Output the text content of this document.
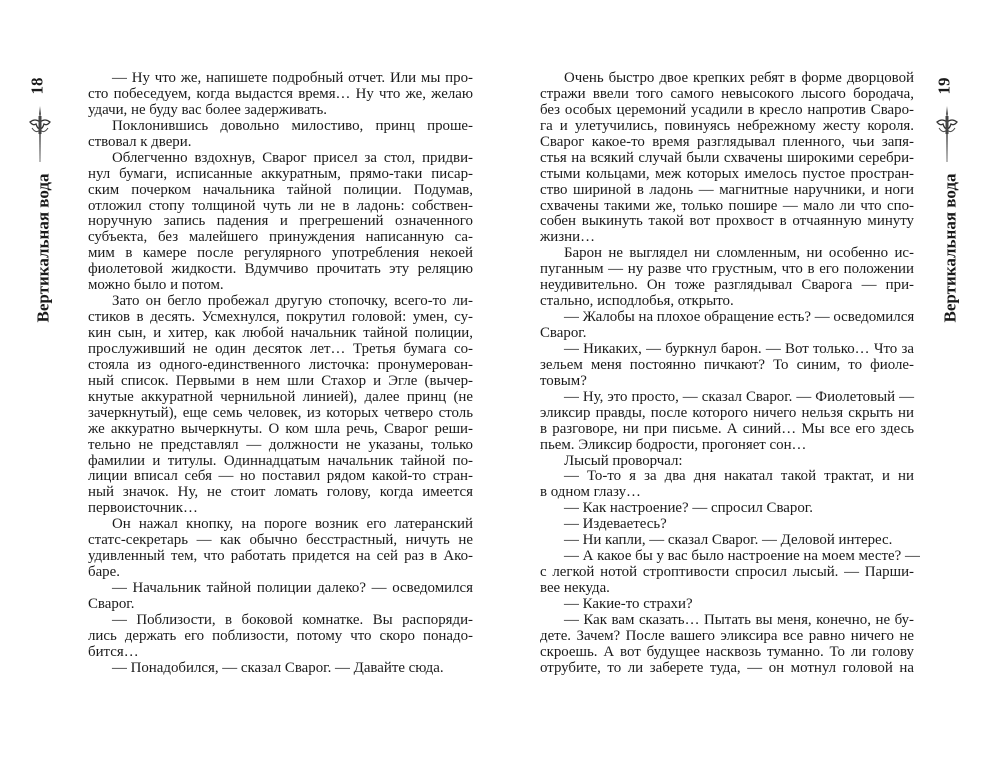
18
Вертикальная вода
19
Вертикальная вода
— Ну что же, напишете подробный отчет. Или мы про-
сто побеседуем, когда выдастся время… Ну что же, желаю
удачи, не буду вас более задерживать.
Поклонившись довольно милостиво, принц проше-
ствовал к двери.
Облегченно вздохнув, Сварог присел за стол, придви-
нул бумаги, исписанные аккуратным, прямо-таки писар-
ским почерком начальника тайной полиции. Подумав,
отложил стопу толщиной чуть ли не в ладонь: собствен-
норучную запись падения и прегрешений означенного
субъекта, без малейшего принуждения написанную са-
мим в камере после регулярного употребления некоей
фиолетовой жидкости. Вдумчиво прочитать эту реляцию
можно было и потом.
Зато он бегло пробежал другую стопочку, всего-то ли-
стиков в десять. Усмехнулся, покрутил головой: умен, су-
кин сын, и хитер, как любой начальник тайной полиции,
прослуживший не один десяток лет… Третья бумага со-
стояла из одного-единственного листочка: пронумерован-
ный список. Первыми в нем шли Стахор и Эгле (вычер-
кнутые аккуратной чернильной линией), далее принц (не
зачеркнутый), еще семь человек, из которых четверо столь
же аккуратно вычеркнуты. О ком шла речь, Сварог реши-
тельно не представлял — должности не указаны, только
фамилии и титулы. Одиннадцатым начальник тайной по-
лиции вписал себя — но поставил рядом какой-то стран-
ный значок. Ну, не стоит ломать голову, когда имеется
первоисточник…
Он нажал кнопку, на пороге возник его латеранский
статс-секретарь — как обычно бесстрастный, ничуть не
удивленный тем, что работать придется на сей раз в Ако-
баре.
— Начальник тайной полиции далеко? — осведомился
Сварог.
— Поблизости, в боковой комнатке. Вы распоряди-
лись держать его поблизости, потому что скоро понадо-
бится…
— Понадобился, — сказал Сварог. — Давайте сюда.
Очень быстро двое крепких ребят в форме дворцовой
стражи ввели того самого невысокого лысого бородача,
без особых церемоний усадили в кресло напротив Сваро-
га и улетучились, повинуясь небрежному жесту короля.
Сварог какое-то время разглядывал пленного, чьи запя-
стья на всякий случай были схвачены широкими серебри-
стыми кольцами, меж которых имелось пустое простран-
ство шириной в ладонь — магнитные наручники, и ноги
схвачены такими же, только пошире — мало ли что спо-
собен выкинуть такой вот прохвост в отчаянную минуту
жизни…
Барон не выглядел ни сломленным, ни особенно ис-
пуганным — ну разве что грустным, что в его положении
неудивительно. Он тоже разглядывал Сварога — при-
стально, исподлобья, открыто.
— Жалобы на плохое обращение есть? — осведомился
Сварог.
— Никаких, — буркнул барон. — Вот только… Что за
зельем меня постоянно пичкают? То синим, то фиоле-
товым?
— Ну, это просто, — сказал Сварог. — Фиолетовый —
эликсир правды, после которого ничего нельзя скрыть ни
в разговоре, ни при письме. А синий… Мы все его здесь
пьем. Эликсир бодрости, прогоняет сон…
Лысый проворчал:
— То-то я за два дня накатал такой трактат, и ни
в одном глазу…
— Как настроение? — спросил Сварог.
— Издеваетесь?
— Ни капли, — сказал Сварог. — Деловой интерес.
— А какое бы у вас было настроение на моем месте? —
с легкой нотой строптивости спросил лысый. — Парши-
вее некуда.
— Какие-то страхи?
— Как вам сказать… Пытать вы меня, конечно, не бу-
дете. Зачем? После вашего эликсира все равно ничего не
скроешь. А вот будущее насквозь туманно. То ли голову
отрубите, то ли заберете туда, — он мотнул головой на
